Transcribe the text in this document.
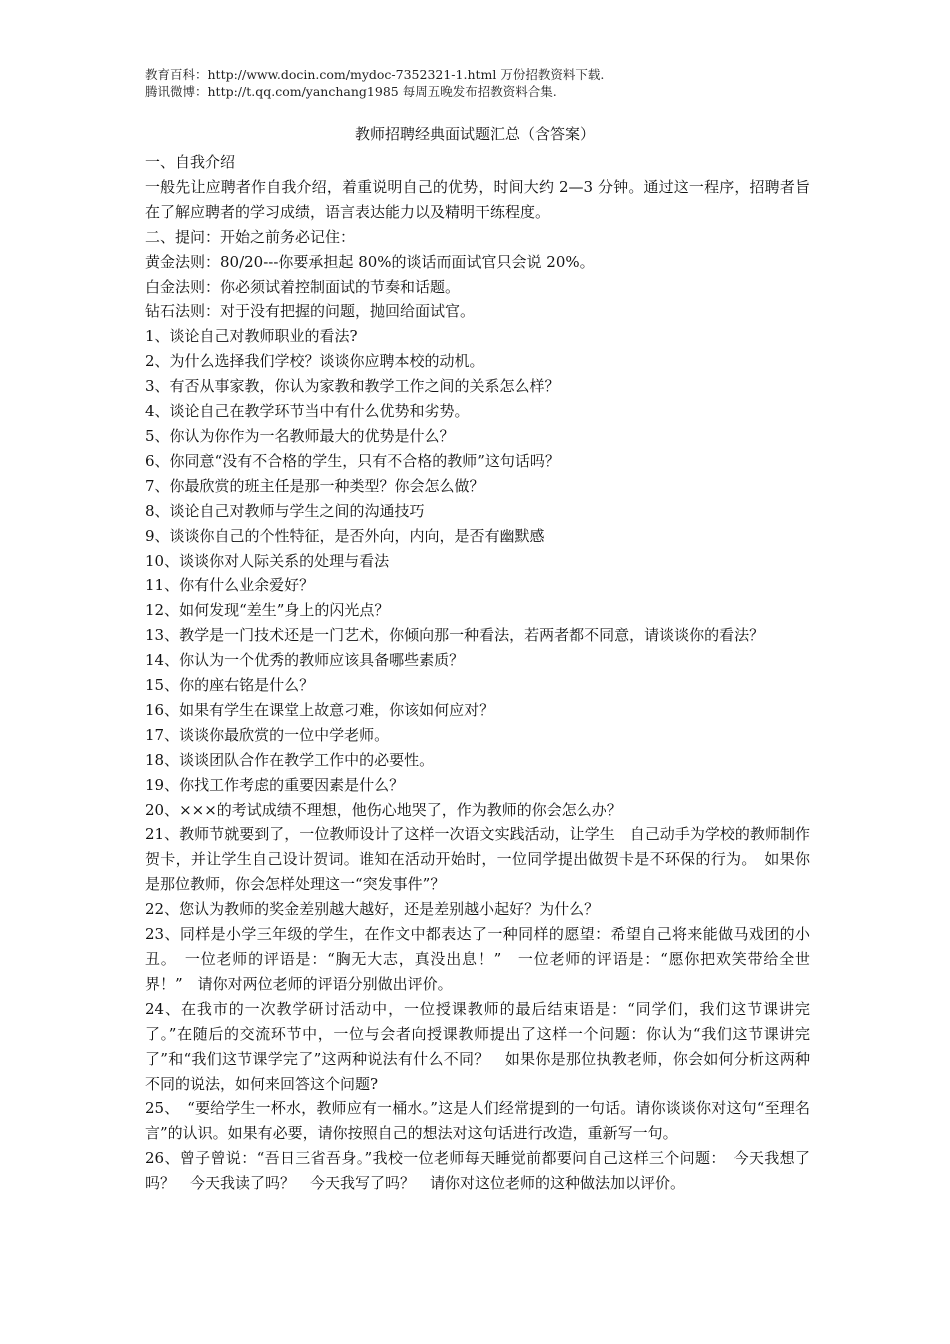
教育百科：http://www.docin.com/mydoc-7352321-1.html 万份招教资料下载.
腾讯微博：http://t.qq.com/yanchang1985 每周五晚发布招教资料合集.
教师招聘经典面试题汇总（含答案）

一、自我介绍

一般先让应聘者作自我介绍，着重说明自己的优势，时间大约 2—3 分钟。通过这一程序，招聘者旨在了解应聘者的学习成绩，语言表达能力以及精明干练程度。

二、提问：开始之前务必记住：

黄金法则：80/20---你要承担起 80%的谈话而面试官只会说 20%。

白金法则：你必须试着控制面试的节奏和话题。

钻石法则：对于没有把握的问题，抛回给面试官。

1、谈论自己对教师职业的看法?

2、为什么选择我们学校？谈谈你应聘本校的动机。

3、有否从事家教，你认为家教和教学工作之间的关系怎么样？

4、谈论自己在教学环节当中有什么优势和劣势。

5、你认为你作为一名教师最大的优势是什么？

6、你同意“没有不合格的学生，只有不合格的教师”这句话吗？

7、你最欣赏的班主任是那一种类型？你会怎么做？

8、谈论自己对教师与学生之间的沟通技巧

9、谈谈你自己的个性特征，是否外向，内向，是否有幽默感

10、谈谈你对人际关系的处理与看法

11、你有什么业余爱好？

12、如何发现“差生”身上的闪光点？

13、教学是一门技术还是一门艺术，你倾向那一种看法，若两者都不同意，请谈谈你的看法？

14、你认为一个优秀的教师应该具备哪些素质？

15、你的座右铭是什么？

16、如果有学生在课堂上故意刁难，你该如何应对？

17、谈谈你最欣赏的一位中学老师。

18、谈谈团队合作在教学工作中的必要性。

19、你找工作考虑的重要因素是什么？

20、×××的考试成绩不理想，他伤心地哭了，作为教师的你会怎么办？

21、教师节就要到了，一位教师设计了这样一次语文实践活动，让学生　自己动手为学校的教师制作贺卡，并让学生自己设计贺词。谁知在活动开始时，一位同学提出做贺卡是不环保的行为。　如果你是那位教师，你会怎样处理这一“突发事件”？

22、您认为教师的奖金差别越大越好，还是差别越小起好？为什么？

23、同样是小学三年级的学生，在作文中都表达了一种同样的愿望：希望自己将来能做马戏团的小丑。　一位老师的评语是：“胸无大志，真没出息！”　一位老师的评语是：“愿你把欢笑带给全世界！”　请你对两位老师的评语分别做出评价。

24、在我市的一次教学研讨活动中，一位授课教师的最后结束语是：“同学们，我们这节课讲完了。”在随后的交流环节中，一位与会者向授课教师提出了这样一个问题：你认为“我们这节课讲完了”和“我们这节课学完了”这两种说法有什么不同？　如果你是那位执教老师，你会如何分析这两种不同的说法，如何来回答这个问题?

25、　“要给学生一杯水，教师应有一桶水。”这是人们经常提到的一句话。请你谈谈你对这句“至理名言”的认识。如果有必要，请你按照自己的想法对这句话进行改造，重新写一句。

26、曾子曾说：“吾日三省吾身。”我校一位老师每天睡觉前都要问自己这样三个问题：　今天我想了吗？　今天我读了吗？　今天我写了吗？　请你对这位老师的这种做法加以评价。
